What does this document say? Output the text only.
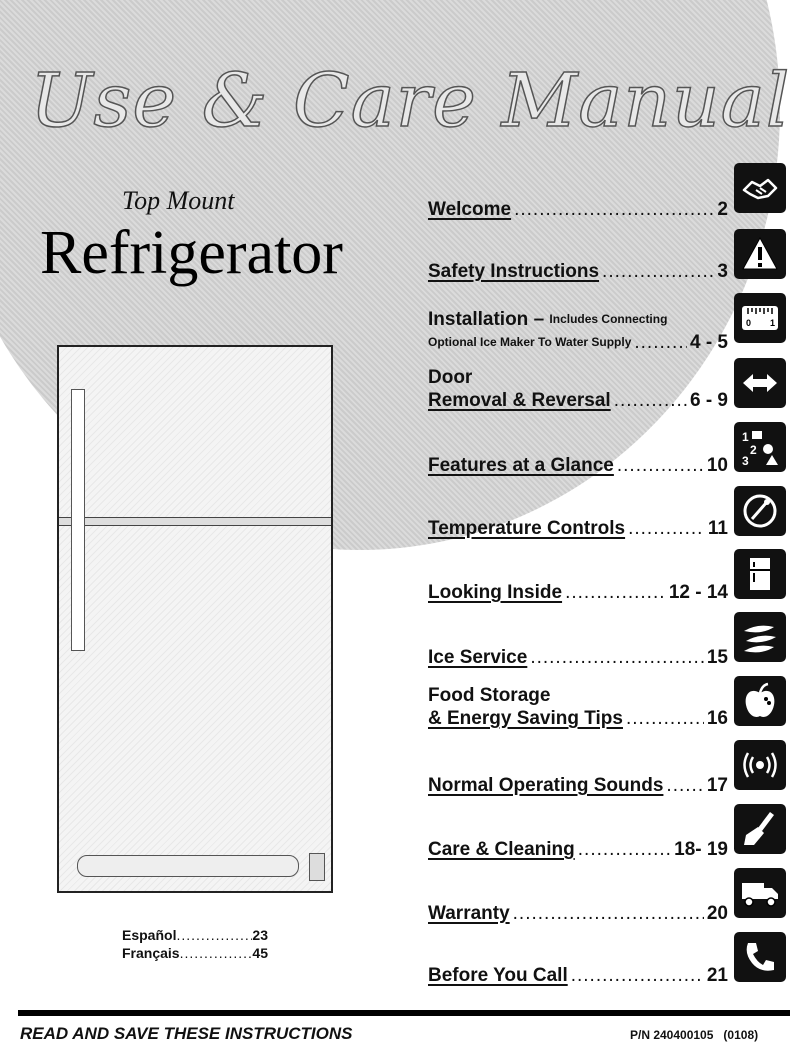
Use & Care Manual
Top Mount
Refrigerator
Español .....	23
Français .....	45
Welcome .....	2
Safety Instructions .....	3
Installation –
Includes Connecting
Optional Ice Maker To Water Supply .....	4 - 5
Door
Removal & Reversal .....	6 - 9
Features at a Glance .....	10
Temperature Controls .....	11
Looking Inside .....	12 - 14
Ice Service .....	15
Food Storage
& Energy Saving Tips .....	16
Normal Operating Sounds ..... 17
Care & Cleaning .....	18- 19
Warranty .....	20
Before You Call .....	21
0 1
1
2
3
READ AND SAVE THESE INSTRUCTIONS	P/N 240400105 (0108)
